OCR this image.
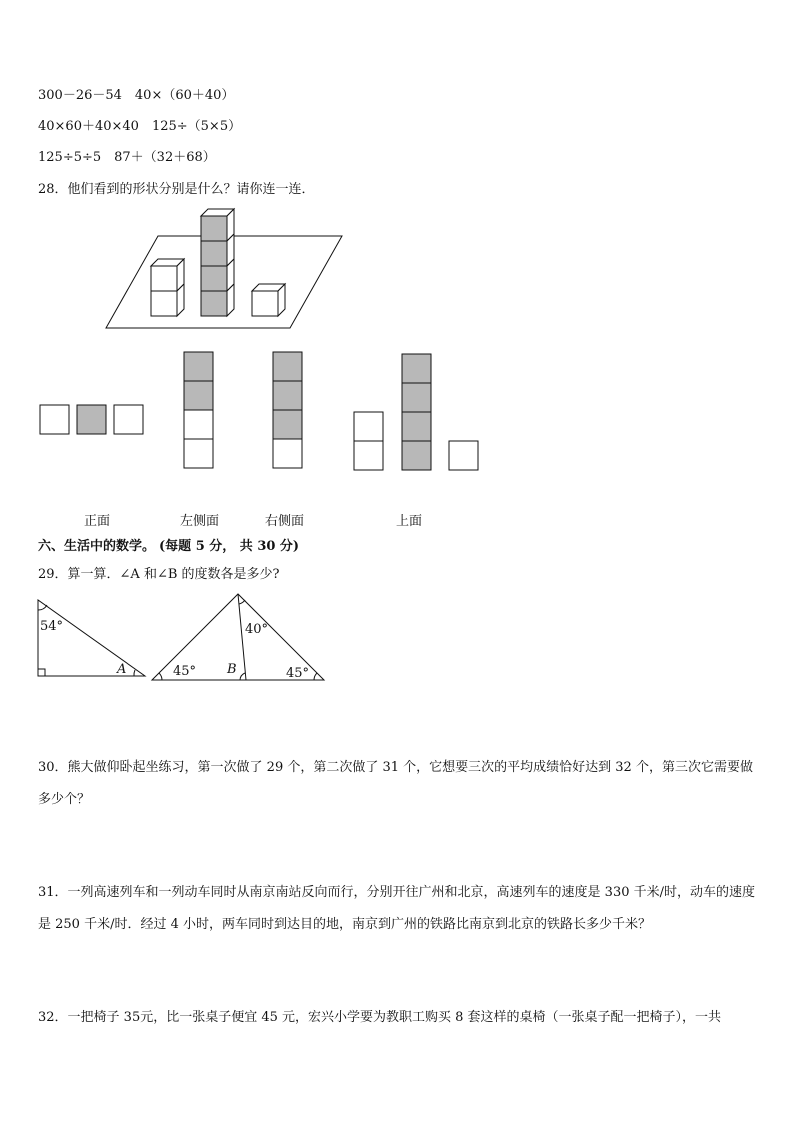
300－26－54　40×（60＋40）
40×60＋40×40　125÷（5×5）
125÷5÷5　87＋（32＋68）
28．他们看到的形状分别是什么？请你连一连．
54°
A	45°
40°
45°
B
正面	左侧面	右侧面	上面
六、生活中的数学。 (每题 5 分， 共 30 分)
29．算一算．∠A 和∠B 的度数各是多少?
30．熊大做仰卧起坐练习，第一次做了 29 个，第二次做了 31 个，它想要三次的平均成绩恰好达到 32 个，第三次它需要做多少个？
31．一列高速列车和一列动车同时从南京南站反向而行，分别开往广州和北京，高速列车的速度是 330 千米/时，动车的速度是 250 千米/时．经过 4 小时，两车同时到达目的地，南京到广州的铁路比南京到北京的铁路长多少千米？
32．一把椅子 35元，比一张桌子便宜 45 元，宏兴小学要为教职工购买 8 套这样的桌椅（一张桌子配一把椅子），一共
